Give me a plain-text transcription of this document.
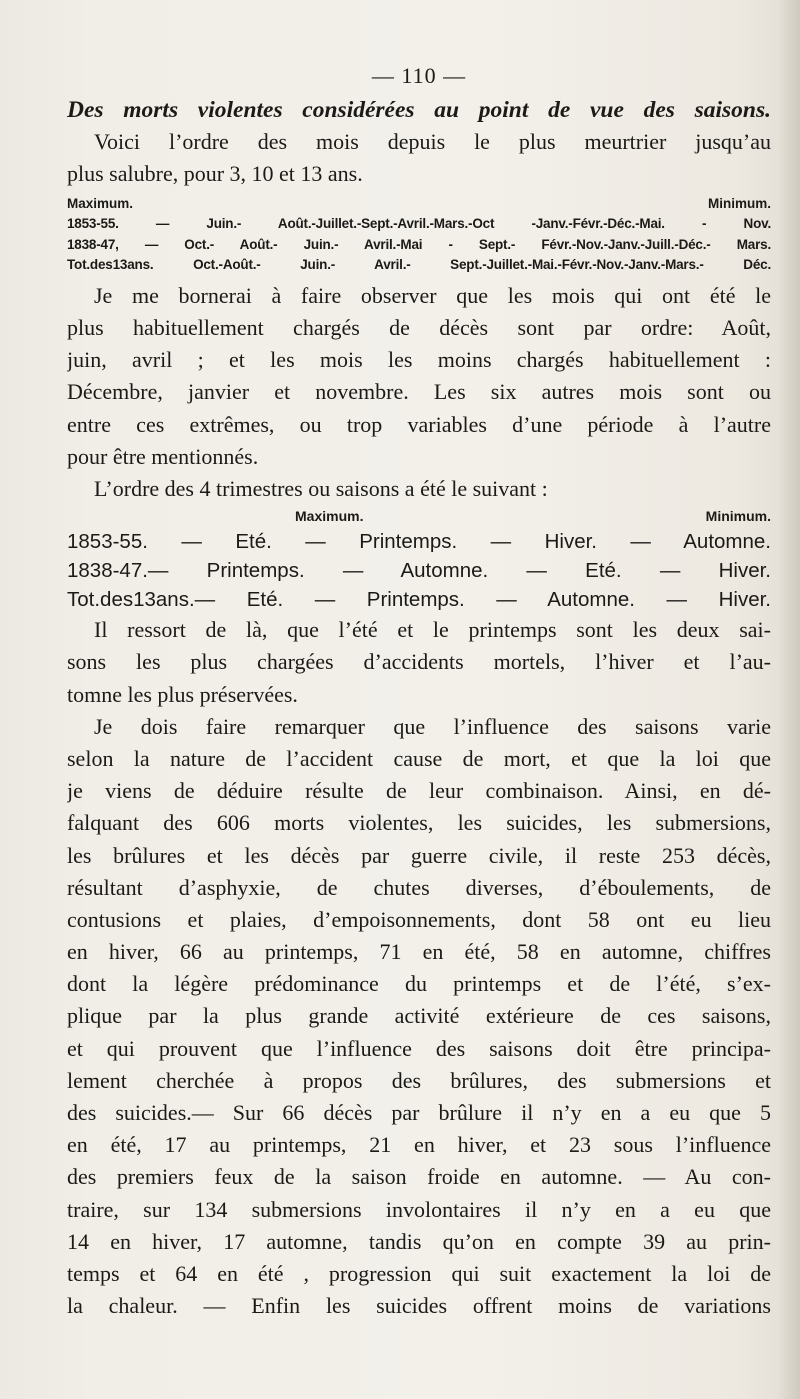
— 110 —
Des morts violentes considérées au point de vue des saisons.
Voici l’ordre des mois depuis le plus meurtrier jusqu’au
plus salubre, pour 3, 10 et 13 ans.
Maximum.	Minimum.
1853-55. — Juin.- Août.-Juillet.-Sept.-Avril.-Mars.-Oct -Janv.-Févr.-Déc.-Mai. - Nov.
1838-47, — Oct.- Août.- Juin.- Avril.-Mai - Sept.- Févr.-Nov.-Janv.-Juill.-Déc.- Mars.
Tot.des13ans. Oct.-Août.- Juin.- Avril.- Sept.-Juillet.-Mai.-Févr.-Nov.-Janv.-Mars.- Déc.
Je me bornerai à faire observer que les mois qui ont été le
plus habituellement chargés de décès sont par ordre: Août,
juin, avril ; et les mois les moins chargés habituellement :
Décembre, janvier et novembre. Les six autres mois sont ou
entre ces extrêmes, ou trop variables d’une période à l’autre
pour être mentionnés.
L’ordre des 4 trimestres ou saisons a été le suivant :
Maximum.	Minimum.
1853-55. — Eté. — Printemps. — Hiver. — Automne.
1838-47.— Printemps. — Automne. — Eté. — Hiver.
Tot.des13ans.— Eté. — Printemps. — Automne. — Hiver.
Il ressort de là, que l’été et le printemps sont les deux sai-
sons les plus chargées d’accidents mortels, l’hiver et l’au-
tomne les plus préservées.
Je dois faire remarquer que l’influence des saisons varie
selon la nature de l’accident cause de mort, et que la loi que
je viens de déduire résulte de leur combinaison. Ainsi, en dé-
falquant des 606 morts violentes, les suicides, les submersions,
les brûlures et les décès par guerre civile, il reste 253 décès,
résultant d’asphyxie, de chutes diverses, d’éboulements, de
contusions et plaies, d’empoisonnements, dont 58 ont eu lieu
en hiver, 66 au printemps, 71 en été, 58 en automne, chiffres
dont la légère prédominance du printemps et de l’été, s’ex-
plique par la plus grande activité extérieure de ces saisons,
et qui prouvent que l’influence des saisons doit être principa-
lement cherchée à propos des brûlures, des submersions et
des suicides.— Sur 66 décès par brûlure il n’y en a eu que 5
en été, 17 au printemps, 21 en hiver, et 23 sous l’influence
des premiers feux de la saison froide en automne. — Au con-
traire, sur 134 submersions involontaires il n’y en a eu que
14 en hiver, 17 automne, tandis qu’on en compte 39 au prin-
temps et 64 en été , progression qui suit exactement la loi de
la chaleur. — Enfin les suicides offrent moins de variations
